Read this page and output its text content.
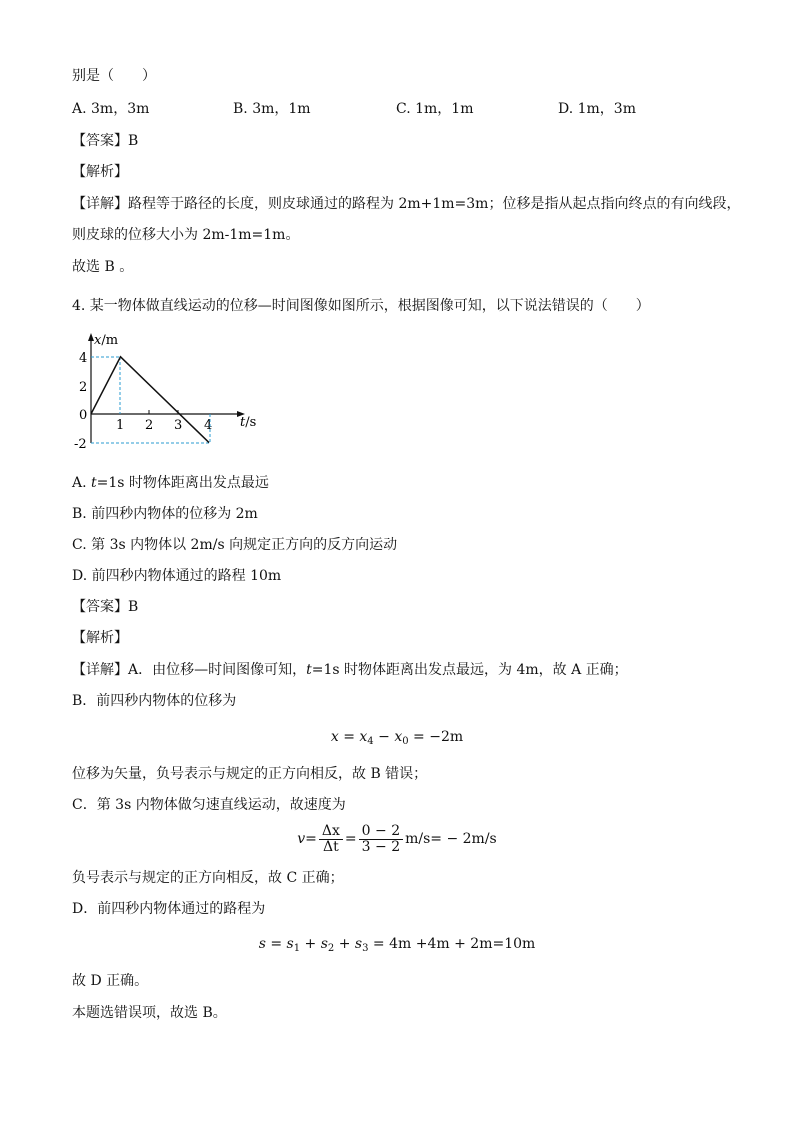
别是（　　）
A. 3m，3m	B. 3m，1m	C. 1m，1m	D. 1m，3m
【答案】B
【解析】
【详解】路程等于路径的长度，则皮球通过的路程为 2m+1m=3m；位移是指从起点指向终点的有向线段，
则皮球的位移大小为 2m-1m=1m。
故选 B 。
4. 某一物体做直线运动的位移—时间图像如图所示，根据图像可知，以下说法错误的（　　）
x/m
t/s
4
2
0
-2
1 2 3 4
A. t=1s 时物体距离出发点最远
B. 前四秒内物体的位移为 2m
C. 第 3s 内物体以 2m/s 向规定正方向的反方向运动
D. 前四秒内物体通过的路程 10m
【答案】B
【解析】
【详解】A．由位移—时间图像可知，t=1s 时物体距离出发点最远，为 4m，故 A 正确；
B．前四秒内物体的位移为
$x = x_4 - x_0 = -2m$
位移为矢量，负号表示与规定的正方向相反，故 B 错误；
C．第 3s 内物体做匀速直线运动，故速度为
$v= \frac{\Delta x}{\Delta t} = \frac{0 - 2}{3 - 2} m/s= - 2m/s$
负号表示与规定的正方向相反，故 C 正确；
D．前四秒内物体通过的路程为
$s = s_1 + s_2 + s_3 = 4m +4m + 2m=10m$
故 D 正确。
本题选错误项，故选 B。
